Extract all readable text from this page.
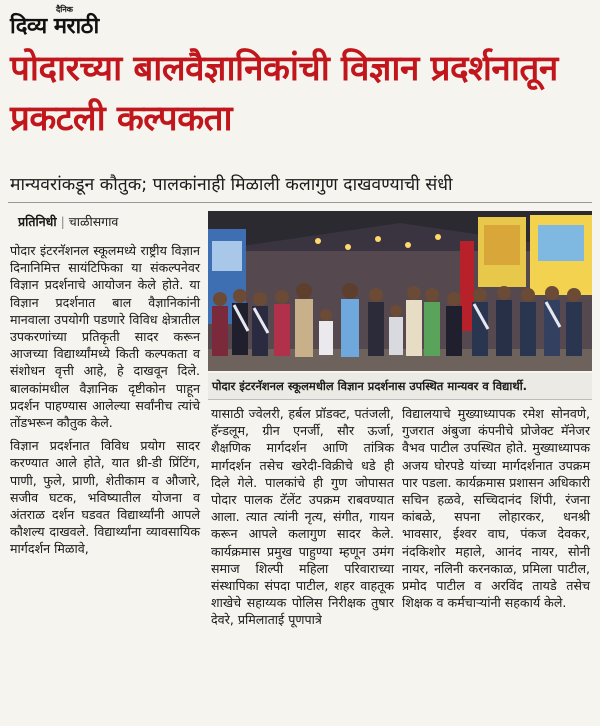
दैनिक
दिव्य मराठी
पोदारच्या बालवैज्ञानिकांची विज्ञान प्रदर्शनातून प्रकटली कल्पकता
मान्यवरांकडून कौतुक; पालकांनाही मिळाली कलागुण दाखवण्याची संधी
प्रतिनिधी | चाळीसगाव
पोदार इंटरनॅशनल स्कूलमधील विज्ञान प्रदर्शनास उपस्थित मान्यवर व विद्यार्थी.

पोदार इंटरनॅशनल स्कूलमध्ये राष्ट्रीय विज्ञान दिनानिमित्त सायंटिफिका या संकल्पनेवर विज्ञान प्रदर्शनाचे आयोजन केले होते. या विज्ञान प्रदर्शनात बाल वैज्ञानिकांनी मानवाला उपयोगी पडणारे विविध क्षेत्रातील उपकरणांच्या प्रतिकृती सादर करून आजच्या विद्यार्थ्यांमध्ये किती कल्पकता व संशोधन वृत्ती आहे, हे दाखवून दिले. बालकांमधील वैज्ञानिक दृष्टीकोन पाहून प्रदर्शन पाहण्यास आलेल्या सर्वांनीच त्यांचे तोंडभरून कौतुक केले.

विज्ञान प्रदर्शनात विविध प्रयोग सादर करण्यात आले होते, यात थ्री-डी प्रिंटिंग, पाणी, फुले, प्राणी, शेतीकाम व औजारे, सजीव घटक, भविष्यातील योजना व अंतराळ दर्शन घडवत विद्यार्थ्यांनी आपले कौशल्य दाखवले. विद्यार्थ्यांना व्यावसायिक मार्गदर्शन मिळावे,

यासाठी ज्वेलरी, हर्बल प्रॉडक्ट, पतंजली, हॅन्डलूम, ग्रीन एनर्जी, सौर ऊर्जा, शैक्षणिक मार्गदर्शन आणि तांत्रिक मार्गदर्शन तसेच खरेदी-विक्रीचे धडे ही दिले गेले. पालकांचे ही गुण जोपासत पोदार पालक टॅलेंट उपक्रम राबवण्यात आला. त्यात त्यांनी नृत्य, संगीत, गायन करून आपले कलागुण सादर केले. कार्यक्रमास प्रमुख पाहुण्या म्हणून उमंग समाज शिल्पी महिला परिवाराच्या संस्थापिका संपदा पाटील, शहर वाहतूक शाखेचे सहाय्यक पोलिस निरीक्षक तुषार देवरे, प्रमिलाताई पूणपात्रे

विद्यालयाचे मुख्याध्यापक रमेश सोनवणे, गुजरात अंबुजा कंपनीचे प्रोजेक्ट मॅनेजर वैभव पाटील उपस्थित होते. मुख्याध्यापक अजय घोरपडे यांच्या मार्गदर्शनात उपक्रम पार पडला. कार्यक्रमास प्रशासन अधिकारी सचिन हळवे, सच्चिदानंद शिंपी, रंजना कांबळे, सपना लोहारकर, धनश्री भावसार, ईश्वर वाघ, पंकज देवकर, नंदकिशोर महाले, आनंद नायर, सोनी नायर, नलिनी करनकाळ, प्रमिला पाटील, प्रमोद पाटील व अरविंद तायडे तसेच शिक्षक व कर्मचाऱ्यांनी सहकार्य केले.
